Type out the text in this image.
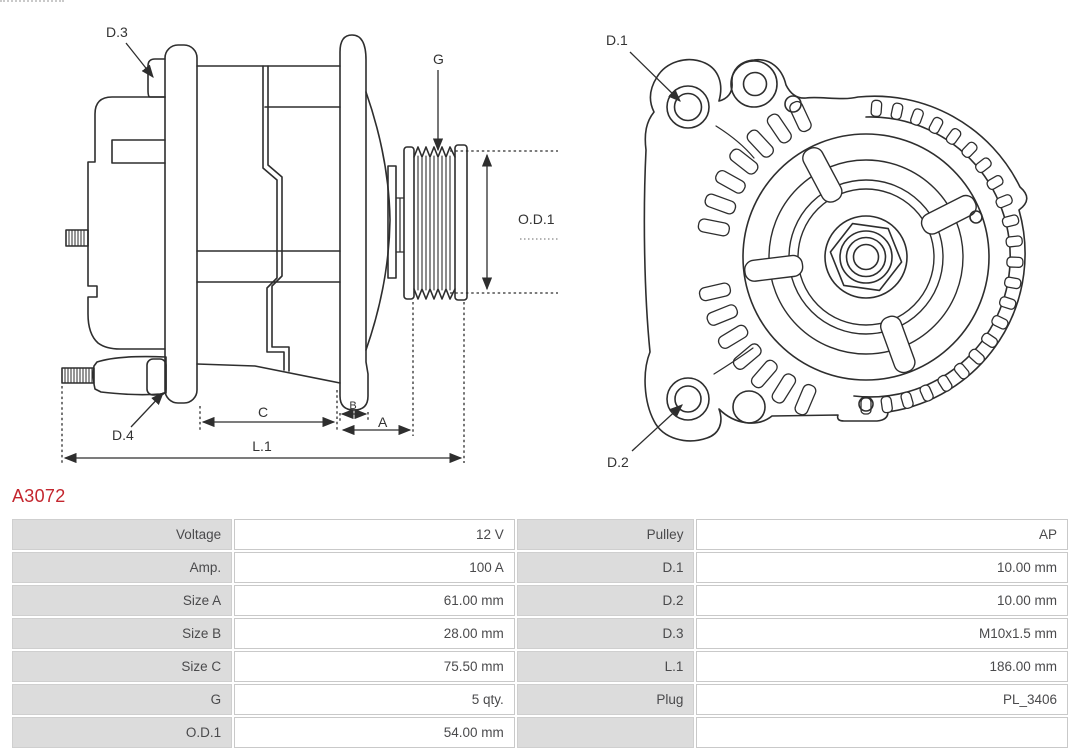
D.3
D.4
G
O.D.1
C	B
A
L.1
D.1
D.2
A3072
Voltage	12 V	Pulley	AP
Amp.	100 A	D.1	10.00 mm
Size A	61.00 mm	D.2	10.00 mm
Size B	28.00 mm	D.3	M10x1.5 mm
Size C	75.50 mm	L.1	186.00 mm
G	5 qty.	Plug	PL_3406
O.D.1	54.00 mm		
